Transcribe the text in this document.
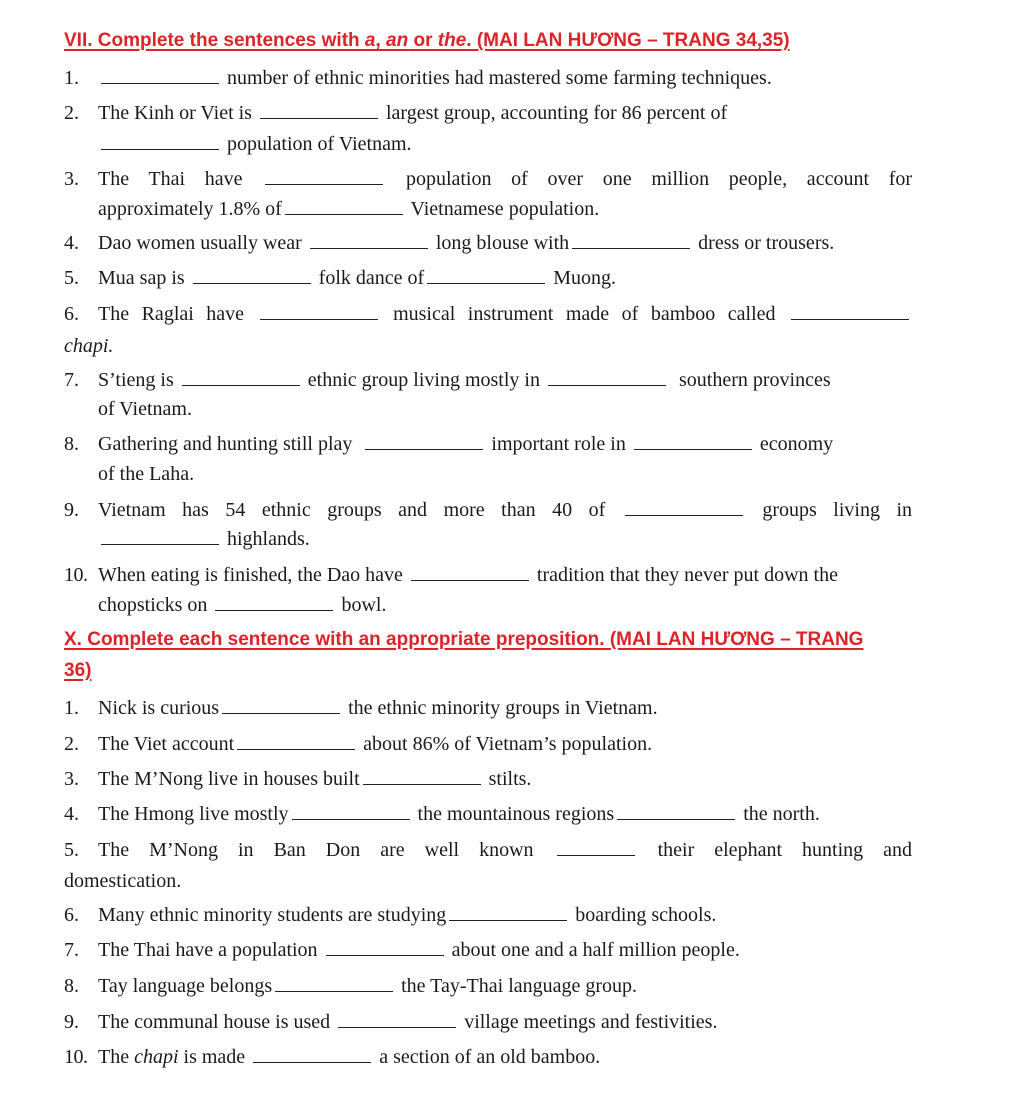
VII. Complete the sentences with a, an or the. (MAI LAN HƯƠNG – TRANG 34,35)
1.	number of ethnic minorities had mastered some farming techniques.
2. The Kinh or Viet is	largest group, accounting for 86 percent of
population of Vietnam.
3. The Thai have	population of over one million people, account for
approximately 1.8% of	Vietnamese population.
4. Dao women usually wear	long blouse with	dress or trousers.
5. Mua sap is	folk dance of	Muong.
6. The Raglai have	musical instrument made of bamboo called
chapi.
7. S’tieng is	ethnic group living mostly in	southern provinces
of Vietnam.
8. Gathering and hunting still play	important role in	economy
of the Laha.
9. Vietnam has 54 ethnic groups and more than 40 of	groups living in
highlands.
10. When eating is finished, the Dao have	tradition that they never put down the
chopsticks on	bowl.
X. Complete each sentence with an appropriate preposition. (MAI LAN HƯƠNG – TRANG
36)
1. Nick is curious	the ethnic minority groups in Vietnam.
2. The Viet account	about 86% of Vietnam’s population.
3. The M’Nong live in houses built	stilts.
4. The Hmong live mostly	the mountainous regions	the north.
5. The M’Nong in Ban Don are well known	their elephant hunting and
domestication.
6. Many ethnic minority students are studying	boarding schools.
7. The Thai have a population	about one and a half million people.
8. Tay language belongs	the Tay-Thai language group.
9. The communal house is used	village meetings and festivities.
10. The chapi is made	a section of an old bamboo.
